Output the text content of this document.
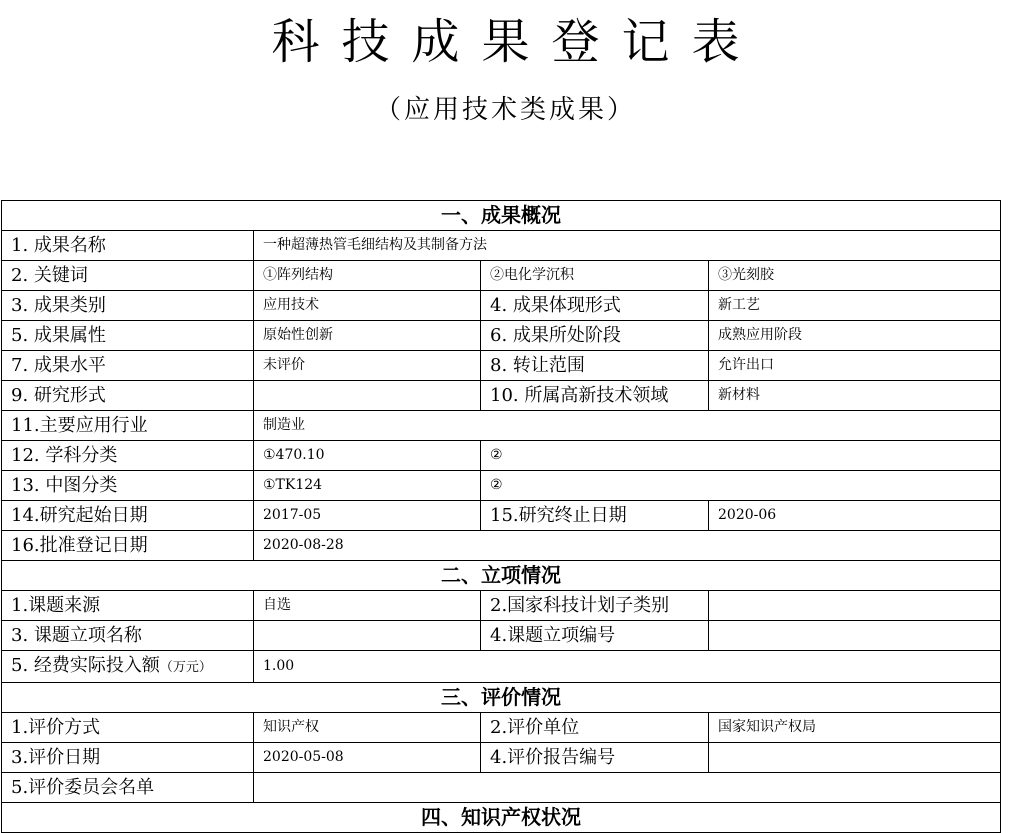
科技成果登记表
（应用技术类成果）
一、成果概况			
1. 成果名称	一种超薄热管毛细结构及其制备方法		
2. 关键词	①阵列结构	②电化学沉积	③光刻胶
3. 成果类别	应用技术	4. 成果体现形式	新工艺
5. 成果属性	原始性创新	6. 成果所处阶段	成熟应用阶段
7. 成果水平	未评价	8. 转让范围	允许出口
9. 研究形式		10. 所属高新技术领域	新材料
11.主要应用行业	制造业		
12. 学科分类	①470.10	②	
13. 中图分类	①TK124	②	
14.研究起始日期	2017-05	15.研究终止日期	2020-06
16.批准登记日期	2020-08-28		
二、立项情况			
1.课题来源	自选	2.国家科技计划子类别	
3. 课题立项名称		4.课题立项编号	
5. 经费实际投入额（万元）	1.00		
三、评价情况			
1.评价方式	知识产权	2.评价单位	国家知识产权局
3.评价日期	2020-05-08	4.评价报告编号	
5.评价委员会名单			
四、知识产权状况			
